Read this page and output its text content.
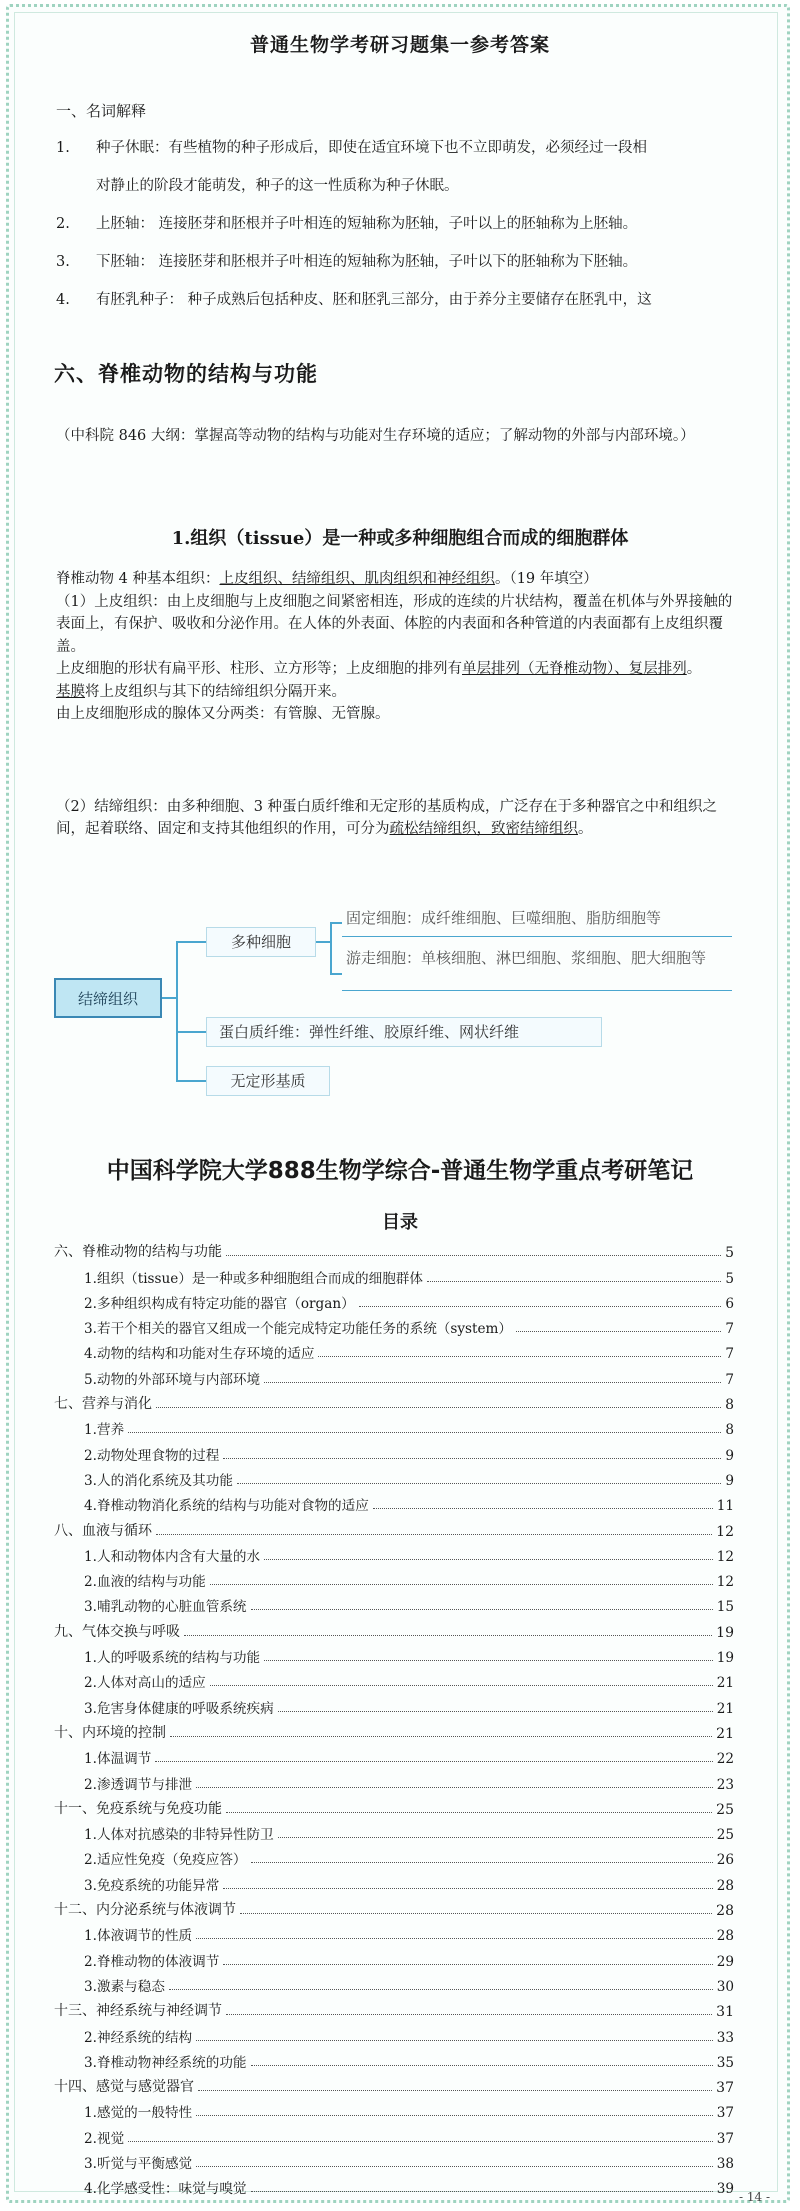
普通生物学考研习题集一参考答案
一、名词解释
1. 种子休眠：有些植物的种子形成后，即使在适宜环境下也不立即萌发，必须经过一段相
对静止的阶段才能萌发，种子的这一性质称为种子休眠。
2. 上胚轴： 连接胚芽和胚根并子叶相连的短轴称为胚轴，子叶以上的胚轴称为上胚轴。
3. 下胚轴： 连接胚芽和胚根并子叶相连的短轴称为胚轴，子叶以下的胚轴称为下胚轴。
4. 有胚乳种子： 种子成熟后包括种皮、胚和胚乳三部分，由于养分主要储存在胚乳中，这
六、脊椎动物的结构与功能
（中科院 846 大纲：掌握高等动物的结构与功能对生存环境的适应；了解动物的外部与内部环境。）
1.组织（tissue）是一种或多种细胞组合而成的细胞群体
脊椎动物 4 种基本组织：上皮组织、结缔组织、肌肉组织和神经组织。（19 年填空）
（1）上皮组织：由上皮细胞与上皮细胞之间紧密相连，形成的连续的片状结构，覆盖在机体与外界接触的表面上，有保护、吸收和分泌作用。在人体的外表面、体腔的内表面和各种管道的内表面都有上皮组织覆盖。
上皮细胞的形状有扁平形、柱形、立方形等；上皮细胞的排列有单层排列（无脊椎动物）、复层排列。
基膜将上皮组织与其下的结缔组织分隔开来。
由上皮细胞形成的腺体又分两类：有管腺、无管腺。
（2）结缔组织：由多种细胞、3 种蛋白质纤维和无定形的基质构成，广泛存在于多种器官之中和组织之间，起着联络、固定和支持其他组织的作用，可分为疏松结缔组织，致密结缔组织。
结缔组织
多种细胞
固定细胞：成纤维细胞、巨噬细胞、脂肪细胞等
游走细胞：单核细胞、淋巴细胞、浆细胞、肥大细胞等
蛋白质纤维：弹性纤维、胶原纤维、网状纤维
无定形基质
中国科学院大学888生物学综合-普通生物学重点考研笔记
目录
六、脊椎动物的结构与功能	5
1.组织（tissue）是一种或多种细胞组合而成的细胞群体	5
2.多种组织构成有特定功能的器官（organ）	6
3.若干个相关的器官又组成一个能完成特定功能任务的系统（system）	7
4.动物的结构和功能对生存环境的适应	7
5.动物的外部环境与内部环境	7
七、营养与消化	8
1.营养	8
2.动物处理食物的过程	9
3.人的消化系统及其功能	9
4.脊椎动物消化系统的结构与功能对食物的适应	11
八、血液与循环	12
1.人和动物体内含有大量的水	12
2.血液的结构与功能	12
3.哺乳动物的心脏血管系统	15
九、气体交换与呼吸	19
1.人的呼吸系统的结构与功能	19
2.人体对高山的适应	21
3.危害身体健康的呼吸系统疾病	21
十、内环境的控制	21
1.体温调节	22
2.渗透调节与排泄	23
十一、免疫系统与免疫功能	25
1.人体对抗感染的非特异性防卫	25
2.适应性免疫（免疫应答）	26
3.免疫系统的功能异常	28
十二、内分泌系统与体液调节	28
1.体液调节的性质	28
2.脊椎动物的体液调节	29
3.激素与稳态	30
十三、神经系统与神经调节	31
2.神经系统的结构	33
3.脊椎动物神经系统的功能	35
十四、感觉与感觉器官	37
1.感觉的一般特性	37
2.视觉	37
3.听觉与平衡感觉	38
4.化学感受性：味觉与嗅觉	39 - 14 -
